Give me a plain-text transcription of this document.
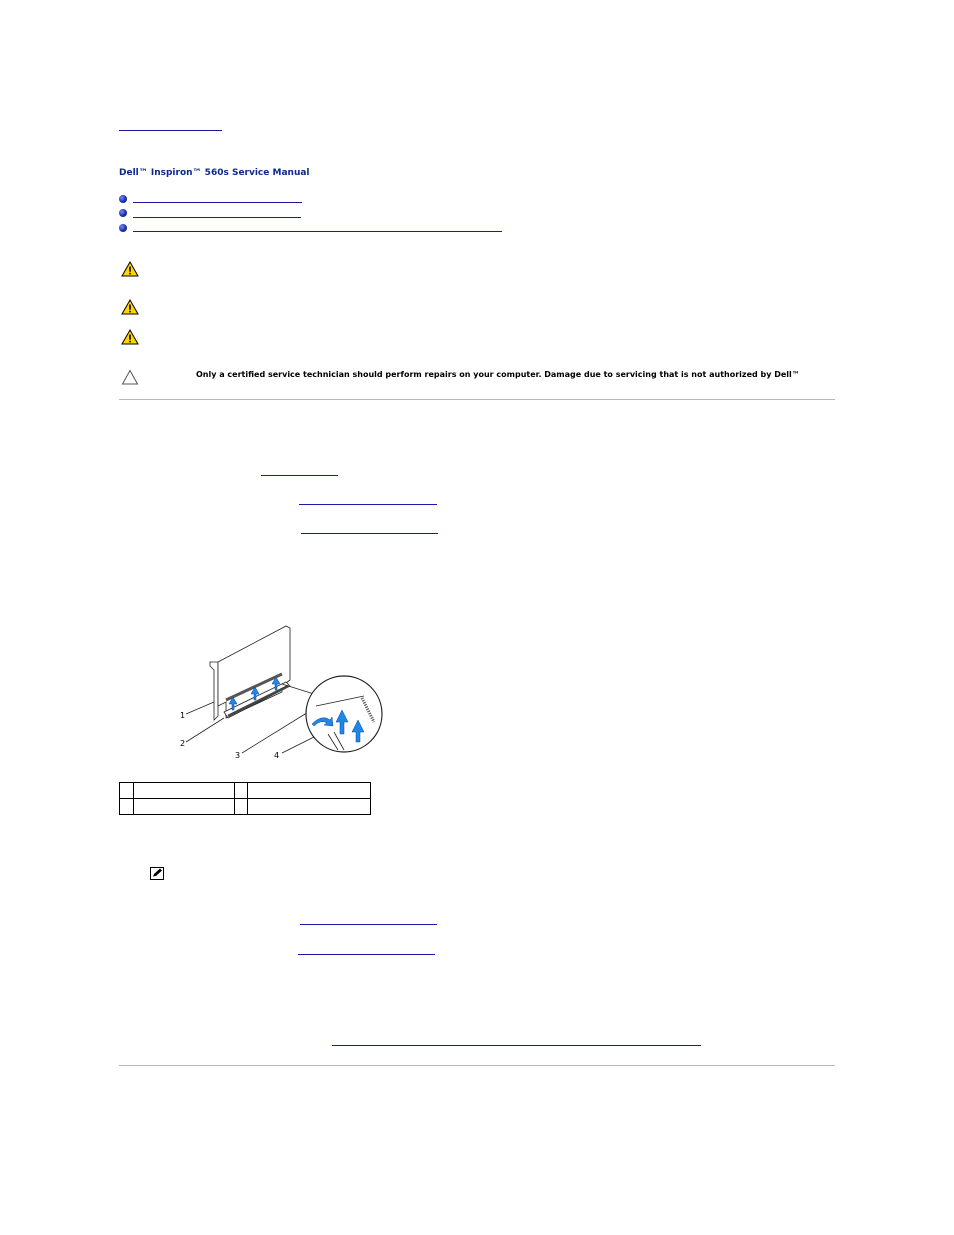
Dell™ Inspiron™ 560s Service Manual
Only a certified service technician should perform repairs on your computer. Damage due to servicing that is not authorized by Dell™
1
2
3	4
